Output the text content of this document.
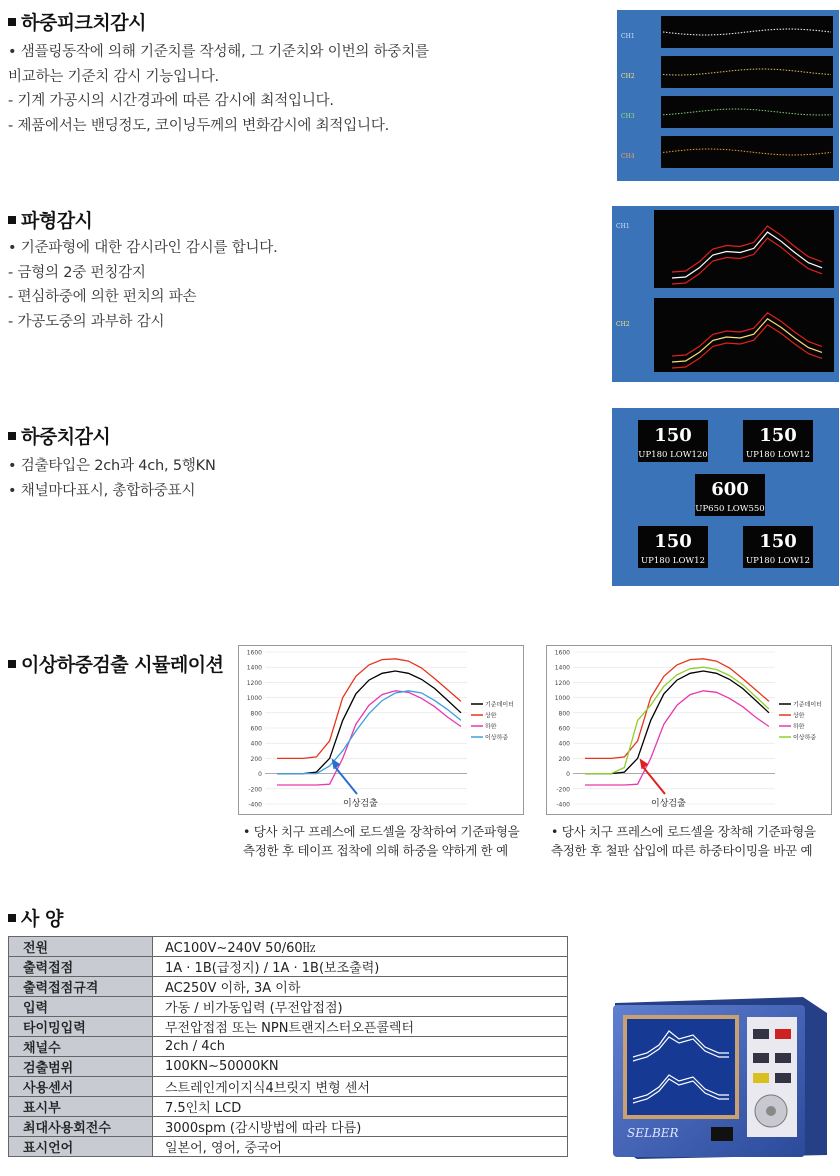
하중피크치감시
• 샘플링동작에 의해 기준치를 작성해, 그 기준치와 이번의 하중치를
비교하는 기준치 감시 기능입니다.
- 기계 가공시의 시간경과에 따른 감시에 최적입니다.
- 제품에서는 밴딩정도, 코이닝두께의 변화감시에 최적입니다.
CH1
CH2
CH3
CH4
파형감시
• 기준파형에 대한 감시라인 감시를 합니다.
- 금형의 2중 펀칭감지
- 편심하중에 의한 펀치의 파손
- 가공도중의 과부하 감시
CH1
CH2
하중치감시
• 검출타입은 2ch과 4ch, 5행KN
• 채널마다표시, 총합하중표시
150
UP180 LOW120
150
UP180 LOW12
600
UP650 LOW550
150
UP180 LOW12
150
UP180 LOW12
이상하중검출 시뮬레이션
1600
1400
1200
1000
800
600
400
200
0
-200
-400
기준데이터
상한
하한
이상하중
이상검출
1600
1400
1200
1000
800
600
400
200
0
-200
-400
기준데이터
상한
하한
이상하중
이상검출
• 당사 치구 프레스에 로드셀을 장착하여 기준파형을
측정한 후 테이프 접착에 의해 하중을 약하게 한 예
• 당사 치구 프레스에 로드셀을 장착해 기준파형을
측정한 후 철판 삽입에 따른 하중타이밍을 바꾼 예
사 양
전원	AC100V∼240V 50/60㎐
출력접점	1A · 1B(급정지) / 1A · 1B(보조출력)
출력접점규격	AC250V 이하, 3A 이하
입력	가동 / 비가동입력 (무전압접점)
타이밍입력	무전압접점 또는 NPN트랜지스터오픈콜렉터
채널수	2ch / 4ch
검출범위	100KN∼50000KN
사용센서	스트레인게이지식4브릿지 변형 센서
표시부	7.5인치 LCD
최대사용회전수	3000spm (감시방법에 따라 다름)
표시언어	일본어, 영어, 중국어
SELBER
